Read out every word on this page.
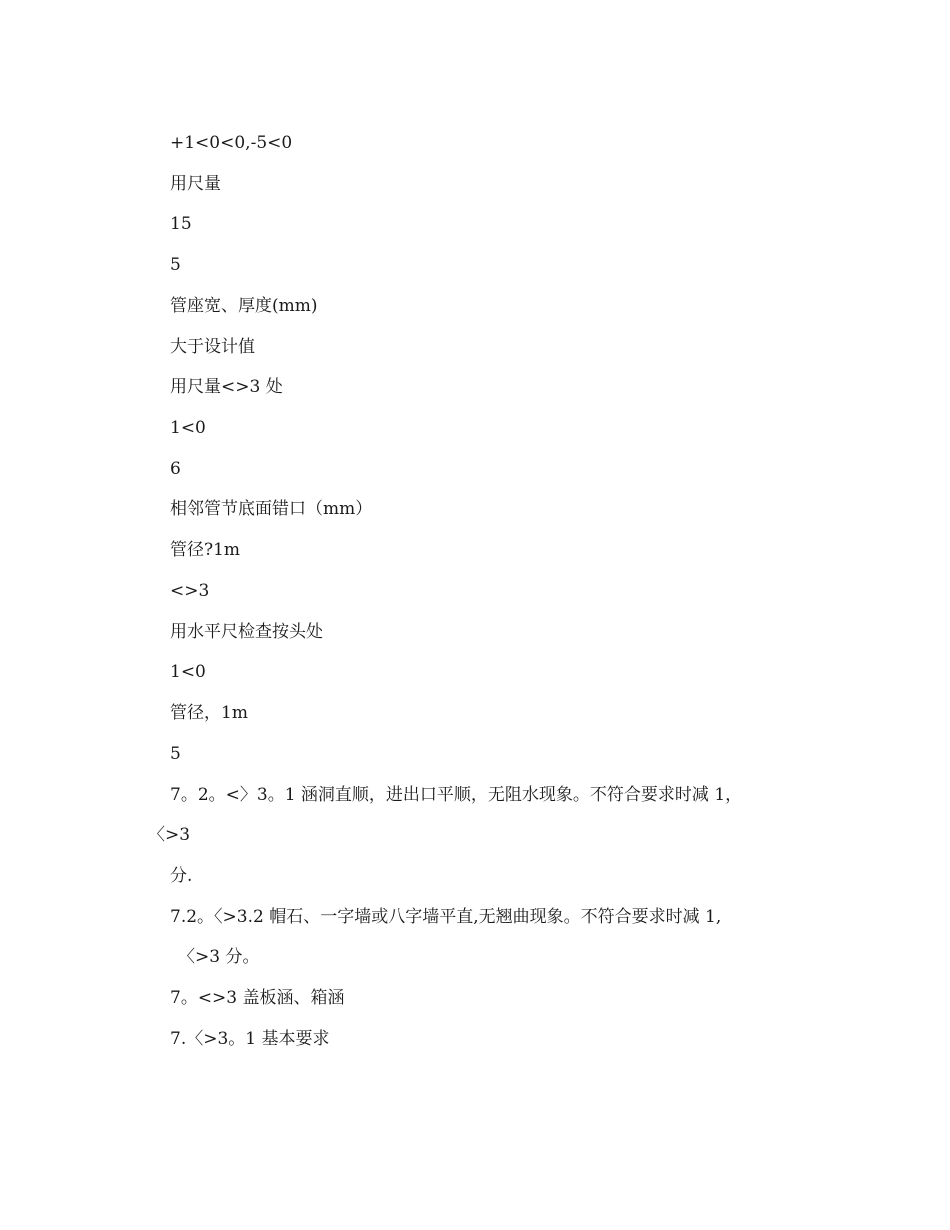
+1<0<0,-5<0
用尺量
15
5
管座宽、厚度(mm)
大于设计值
用尺量<>3 处
1<0
6
相邻管节底面错口（mm）
管径?1m
<>3
用水平尺检查按头处
1<0
管径，1m
5
7。2。<〉3。1 涵洞直顺，进出口平顺，无阻水现象。不符合要求时减 1，
〈>3
分.
7.2。〈>3.2 帽石、一字墙或八字墙平直,无翘曲现象。不符合要求时减 1,
〈>3 分。
7。<>3 盖板涵、箱涵
7.〈>3。1 基本要求
